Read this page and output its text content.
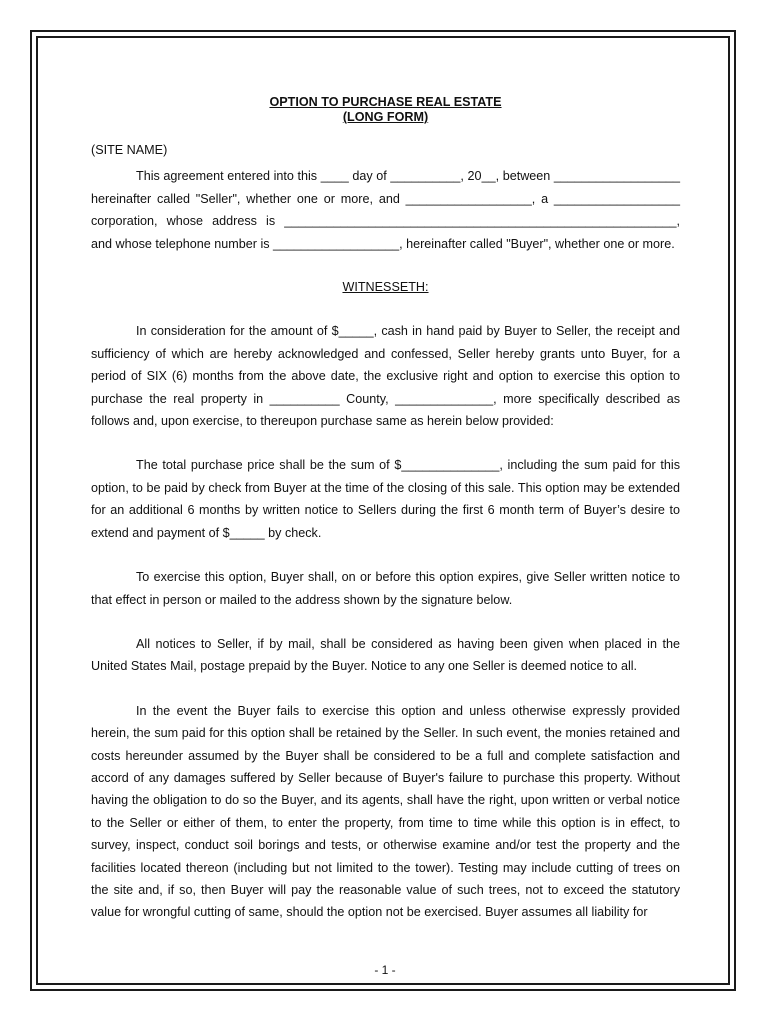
OPTION TO PURCHASE REAL ESTATE
(LONG FORM)
(SITE NAME)

This agreement entered into this ____ day of __________, 20__, between __________________ hereinafter called "Seller", whether one or more, and __________________, a __________________ corporation, whose address is ________________________________________________________, and whose telephone number is __________________, hereinafter called "Buyer", whether one or more.

WITNESSETH:

In consideration for the amount of $_____, cash in hand paid by Buyer to Seller, the receipt and sufficiency of which are hereby acknowledged and confessed, Seller hereby grants unto Buyer, for a period of SIX (6) months from the above date, the exclusive right and option to exercise this option to purchase the real property in __________ County, ______________, more specifically described as follows and, upon exercise, to thereupon purchase same as herein below provided:

The total purchase price shall be the sum of $______________, including the sum paid for this option, to be paid by check from Buyer at the time of the closing of this sale. This option may be extended for an additional 6 months by written notice to Sellers during the first 6 month term of Buyer’s desire to extend and payment of $_____ by check.

To exercise this option, Buyer shall, on or before this option expires, give Seller written notice to that effect in person or mailed to the address shown by the signature below.

All notices to Seller, if by mail, shall be considered as having been given when placed in the United States Mail, postage prepaid by the Buyer. Notice to any one Seller is deemed notice to all.

In the event the Buyer fails to exercise this option and unless otherwise expressly provided herein, the sum paid for this option shall be retained by the Seller. In such event, the monies retained and costs hereunder assumed by the Buyer shall be considered to be a full and complete satisfaction and accord of any damages suffered by Seller because of Buyer's failure to purchase this property. Without having the obligation to do so the Buyer, and its agents, shall have the right, upon written or verbal notice to the Seller or either of them, to enter the property, from time to time while this option is in effect, to survey, inspect, conduct soil borings and tests, or otherwise examine and/or test the property and the facilities located thereon (including but not limited to the tower). Testing may include cutting of trees on the site and, if so, then Buyer will pay the reasonable value of such trees, not to exceed the statutory value for wrongful cutting of same, should the option not be exercised. Buyer assumes all liability for

- 1 -
